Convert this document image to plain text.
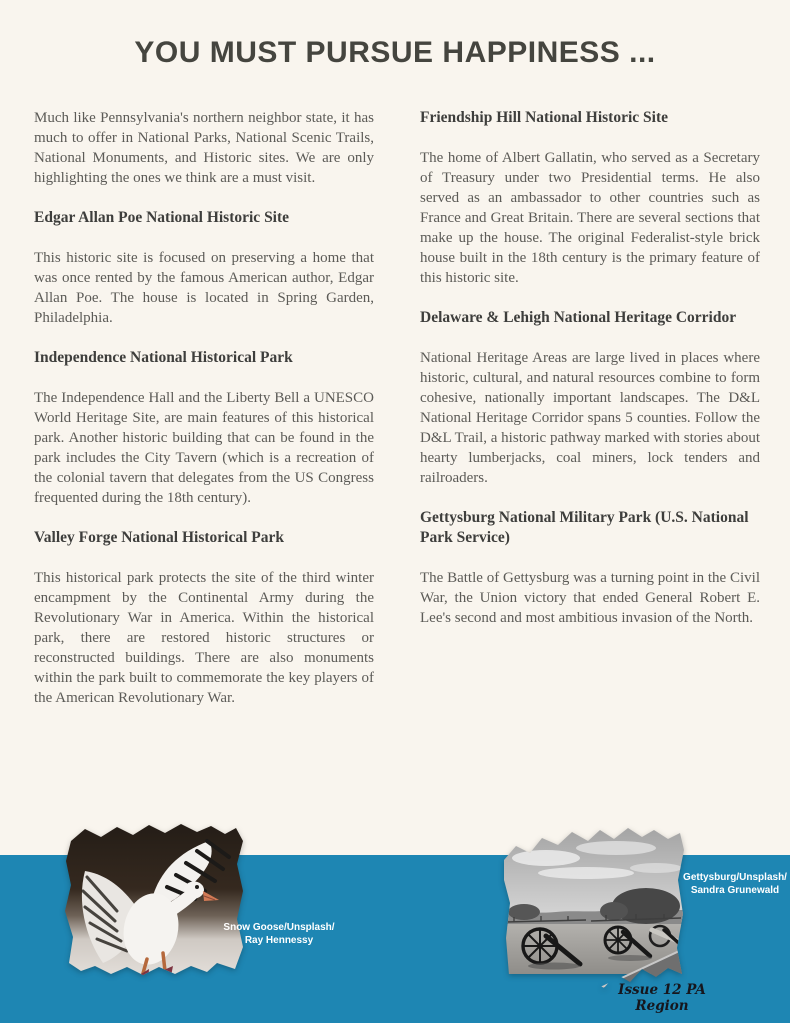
YOU MUST PURSUE HAPPINESS ...

Much like Pennsylvania's northern neighbor state, it has much to offer in National Parks, National Scenic Trails, National Monuments, and Historic sites. We are only highlighting the ones we think are a must visit.

Edgar Allan Poe National Historic Site

This historic site is focused on preserving a home that was once rented by the famous American author, Edgar Allan Poe. The house is located in Spring Garden, Philadelphia.

Independence National Historical Park

The Independence Hall and the Liberty Bell a UNESCO World Heritage Site, are main features of this historical park. Another historic building that can be found in the park includes the City Tavern (which is a recreation of the colonial tavern that delegates from the US Congress frequented during the 18th century).

Valley Forge National Historical Park

This historical park protects the site of the third winter encampment by the Continental Army during the Revolutionary War in America. Within the historical park, there are restored historic structures or reconstructed buildings. There are also monuments within the park built to commemorate the key players of the American Revolutionary War.

Friendship Hill National Historic Site

The home of Albert Gallatin, who served as a Secretary of Treasury under two Presidential terms. He also served as an ambassador to other countries such as France and Great Britain. There are several sections that make up the house. The original Federalist-style brick house built in the 18th century is the primary feature of this historic site.

Delaware & Lehigh National Heritage Corridor

National Heritage Areas are large lived in places where historic, cultural, and natural resources combine to form cohesive, nationally important landscapes. The D&L National Heritage Corridor spans 5 counties. Follow the D&L Trail, a historic pathway marked with stories about hearty lumberjacks, coal miners, lock tenders and railroaders.

Gettysburg National Military Park (U.S. National Park Service)

The Battle of Gettysburg was a turning point in the Civil War, the Union victory that ended General Robert E. Lee's second and most ambitious invasion of the North.

Snow Goose/Unsplash/
Ray Hennessy
Gettysburg/Unsplash/
Sandra Grunewald
Issue 12 PA Region
